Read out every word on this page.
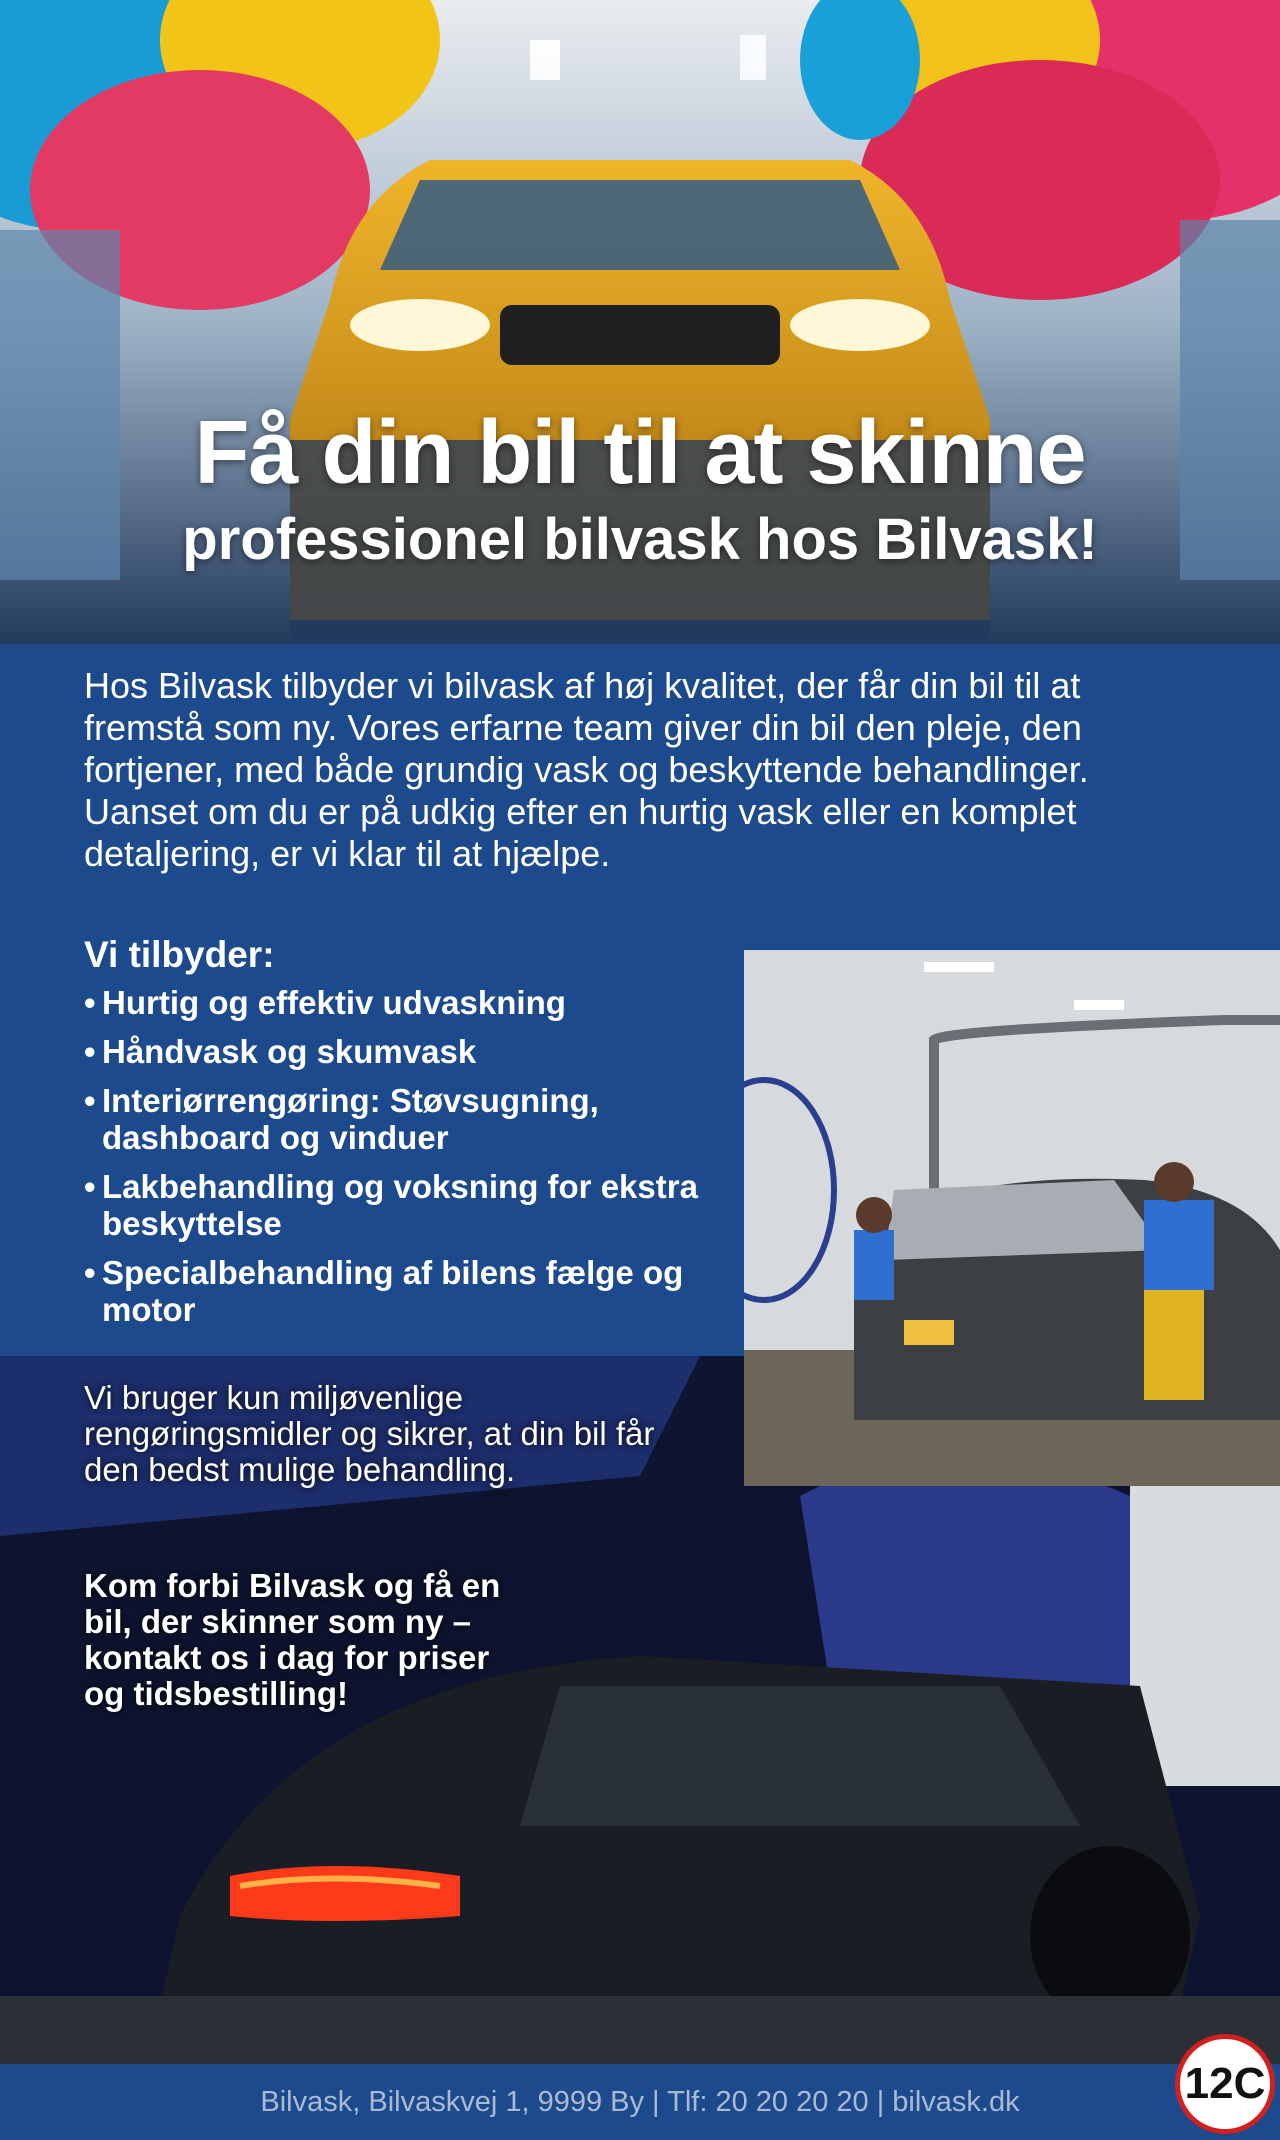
Få din bil til at skinne
professionel bilvask hos Bilvask!

Hos Bilvask tilbyder vi bilvask af høj kvalitet, der får din bil til at fremstå som ny. Vores erfarne team giver din bil den pleje, den fortjener, med både grundig vask og beskyttende behandlinger. Uanset om du er på udkig efter en hurtig vask eller en komplet detaljering, er vi klar til at hjælpe.

Vi tilbyder:
• Hurtig og effektiv udvaskning
• Håndvask og skumvask
• Interiørrengøring: Støvsugning, dashboard og vinduer
• Lakbehandling og voksning for ekstra beskyttelse
• Specialbehandling af bilens fælge og motor

Vi bruger kun miljøvenlige rengøringsmidler og sikrer, at din bil får den bedst mulige behandling.

Kom forbi Bilvask og få en bil, der skinner som ny – kontakt os i dag for priser og tidsbestilling!

Bilvask, Bilvaskvej 1, 9999 By | Tlf: 20 20 20 20 | bilvask.dk	12C
